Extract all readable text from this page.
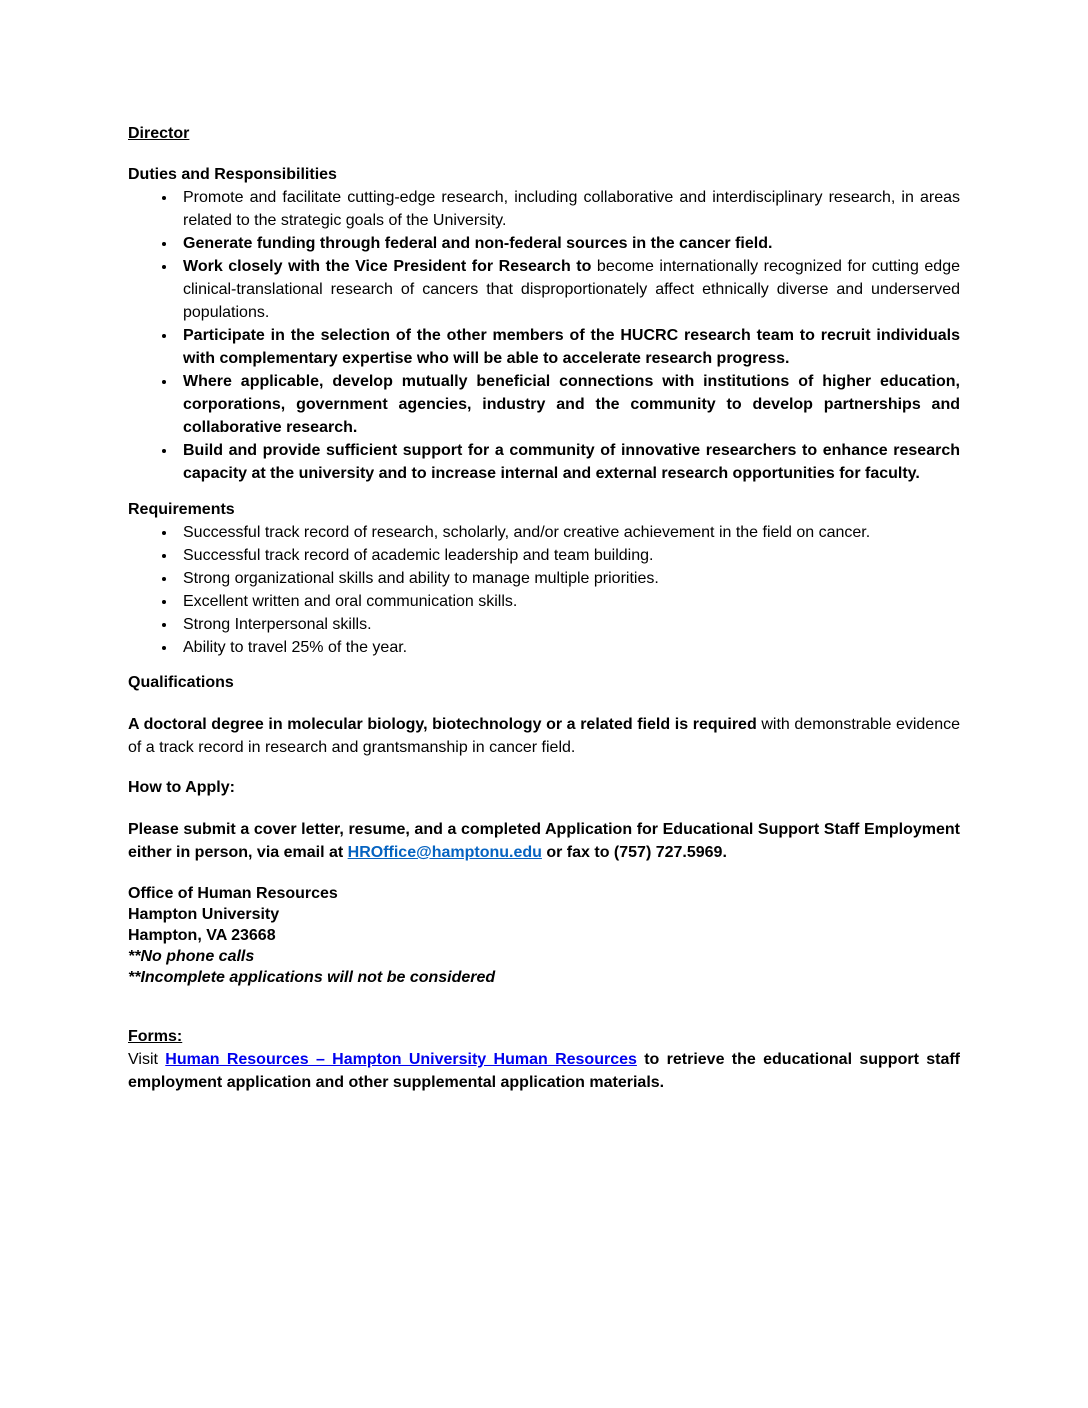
Director

Duties and Responsibilities

• Promote and facilitate cutting-edge research, including collaborative and interdisciplinary research, in areas related to the strategic goals of the University.
• Generate funding through federal and non-federal sources in the cancer field.
• Work closely with the Vice President for Research to become internationally recognized for cutting edge clinical-translational research of cancers that disproportionately affect ethnically diverse and underserved populations.
• Participate in the selection of the other members of the HUCRC research team to recruit individuals with complementary expertise who will be able to accelerate research progress.
• Where applicable, develop mutually beneficial connections with institutions of higher education, corporations, government agencies, industry and the community to develop partnerships and collaborative research.
• Build and provide sufficient support for a community of innovative researchers to enhance research capacity at the university and to increase internal and external research opportunities for faculty.

Requirements

• Successful track record of research, scholarly, and/or creative achievement in the field on cancer.
• Successful track record of academic leadership and team building.
• Strong organizational skills and ability to manage multiple priorities.
• Excellent written and oral communication skills.
• Strong Interpersonal skills.
• Ability to travel 25% of the year.

Qualifications

A doctoral degree in molecular biology, biotechnology or a related field is required with demonstrable evidence of a track record in research and grantsmanship in cancer field.

How to Apply:

Please submit a cover letter, resume, and a completed Application for Educational Support Staff Employment either in person, via email at HROffice@hamptonu.edu or fax to (757) 727.5969.

Office of Human Resources
Hampton University
Hampton, VA 23668
**No phone calls
**Incomplete applications will not be considered

Forms:

Visit Human Resources – Hampton University Human Resources to retrieve the educational support staff employment application and other supplemental application materials.
